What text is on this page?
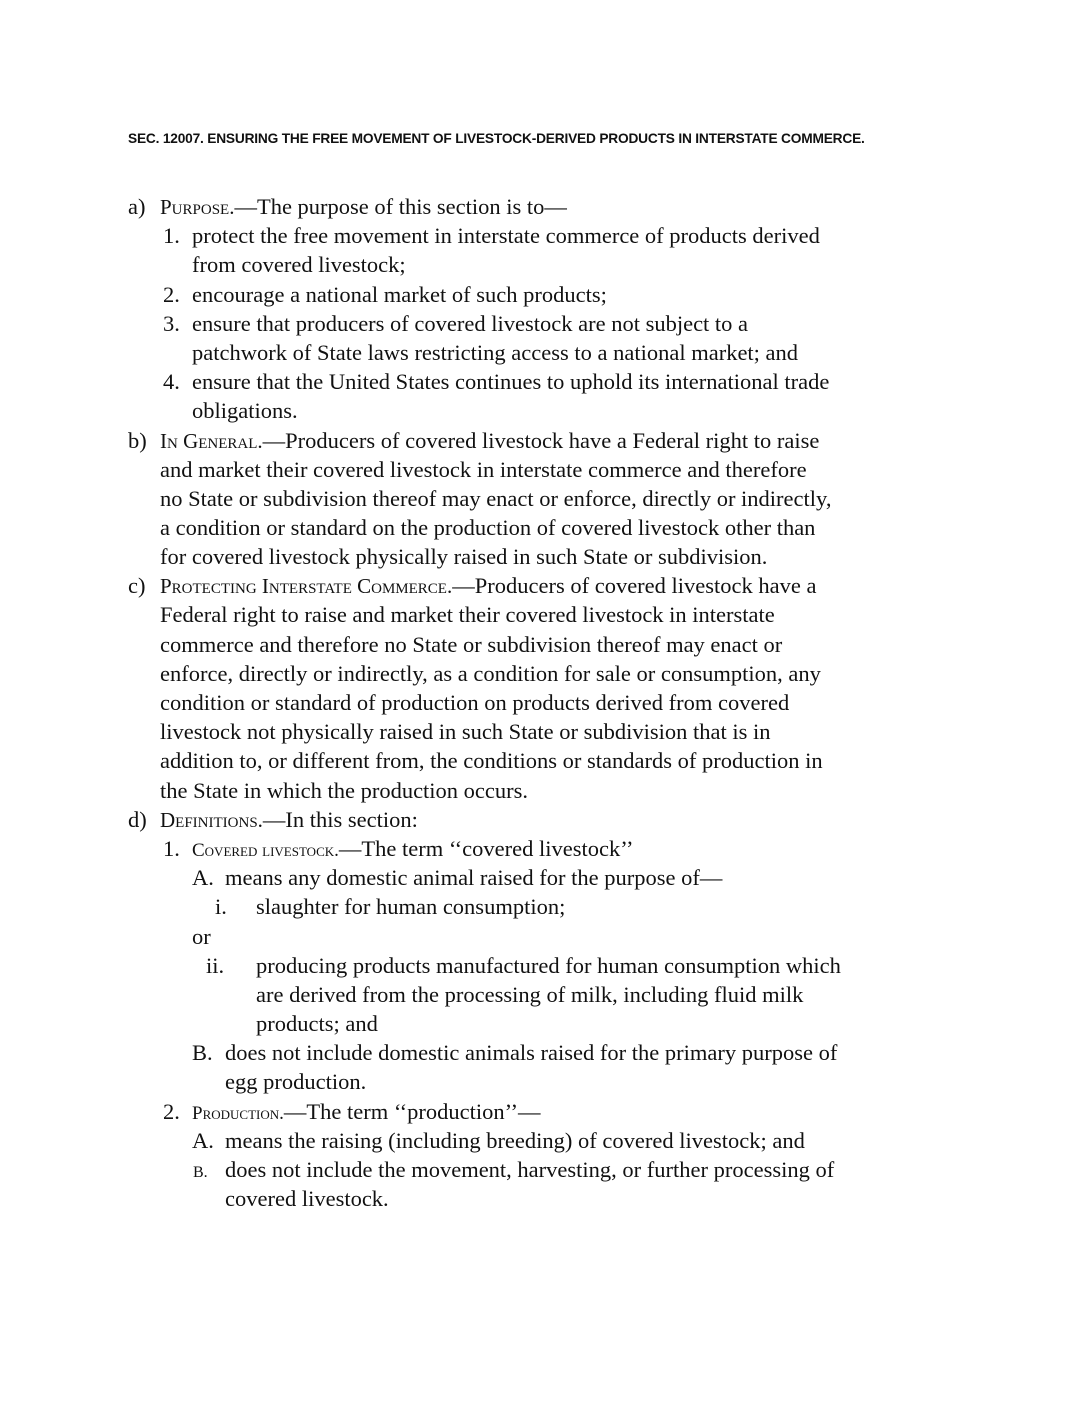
SEC. 12007. ENSURING THE FREE MOVEMENT OF LIVESTOCK-DERIVED PRODUCTS IN INTERSTATE COMMERCE.
a) Purpose.—The purpose of this section is to—
1. protect the free movement in interstate commerce of products derived
from covered livestock;
2. encourage a national market of such products;
3. ensure that producers of covered livestock are not subject to a
patchwork of State laws restricting access to a national market; and
4. ensure that the United States continues to uphold its international trade
obligations.
b) In General.—Producers of covered livestock have a Federal right to raise
and market their covered livestock in interstate commerce and therefore
no State or subdivision thereof may enact or enforce, directly or indirectly,
a condition or standard on the production of covered livestock other than
for covered livestock physically raised in such State or subdivision.
c) Protecting Interstate Commerce.—Producers of covered livestock have a
Federal right to raise and market their covered livestock in interstate
commerce and therefore no State or subdivision thereof may enact or
enforce, directly or indirectly, as a condition for sale or consumption, any
condition or standard of production on products derived from covered
livestock not physically raised in such State or subdivision that is in
addition to, or different from, the conditions or standards of production in
the State in which the production occurs.
d) Definitions.—In this section:
1. Covered livestock.—The term ‘‘covered livestock’’
A. means any domestic animal raised for the purpose of—
i. slaughter for human consumption;
or
ii. producing products manufactured for human consumption which
are derived from the processing of milk, including fluid milk
products; and
B. does not include domestic animals raised for the primary purpose of
egg production.
2. Production.—The term ‘‘production’’—
A. means the raising (including breeding) of covered livestock; and
B. does not include the movement, harvesting, or further processing of
covered livestock.
